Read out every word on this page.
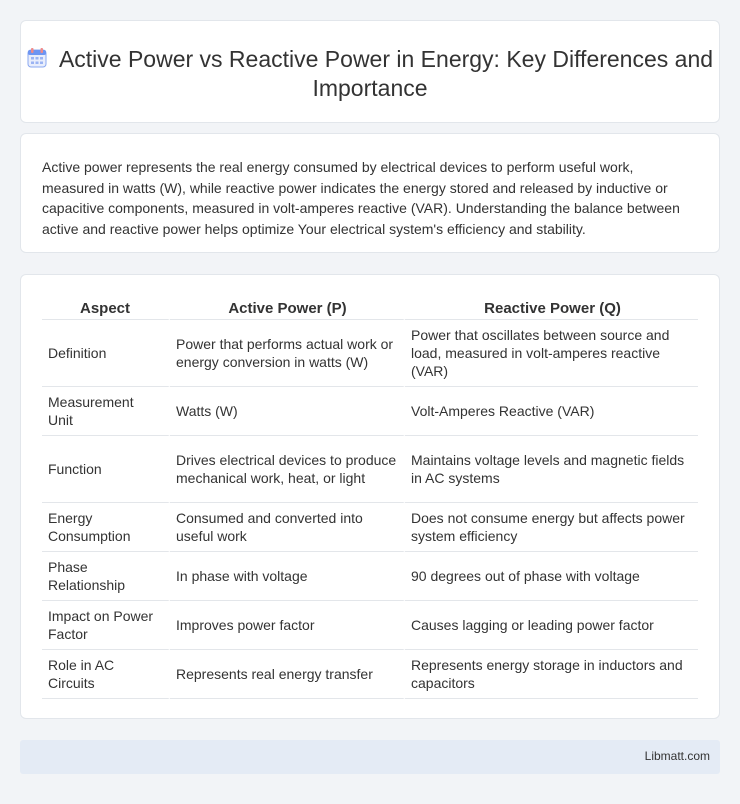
Active Power vs Reactive Power in Energy: Key Differences and Importance

Active power represents the real energy consumed by electrical devices to perform useful work, measured in watts (W), while reactive power indicates the energy stored and released by inductive or capacitive components, measured in volt-amperes reactive (VAR). Understanding the balance between active and reactive power helps optimize Your electrical system's efficiency and stability.

Aspect	Active Power (P)	Reactive Power (Q)
Definition	Power that performs actual work or energy conversion in watts (W)	Power that oscillates between source and load, measured in volt-amperes reactive (VAR)
Measurement Unit	Watts (W)	Volt-Amperes Reactive (VAR)
Function	Drives electrical devices to produce mechanical work, heat, or light	Maintains voltage levels and magnetic fields in AC systems
Energy Consumption	Consumed and converted into useful work	Does not consume energy but affects power system efficiency
Phase Relationship	In phase with voltage	90 degrees out of phase with voltage
Impact on Power Factor	Improves power factor	Causes lagging or leading power factor
Role in AC Circuits	Represents real energy transfer	Represents energy storage in inductors and capacitors
Libmatt.com
